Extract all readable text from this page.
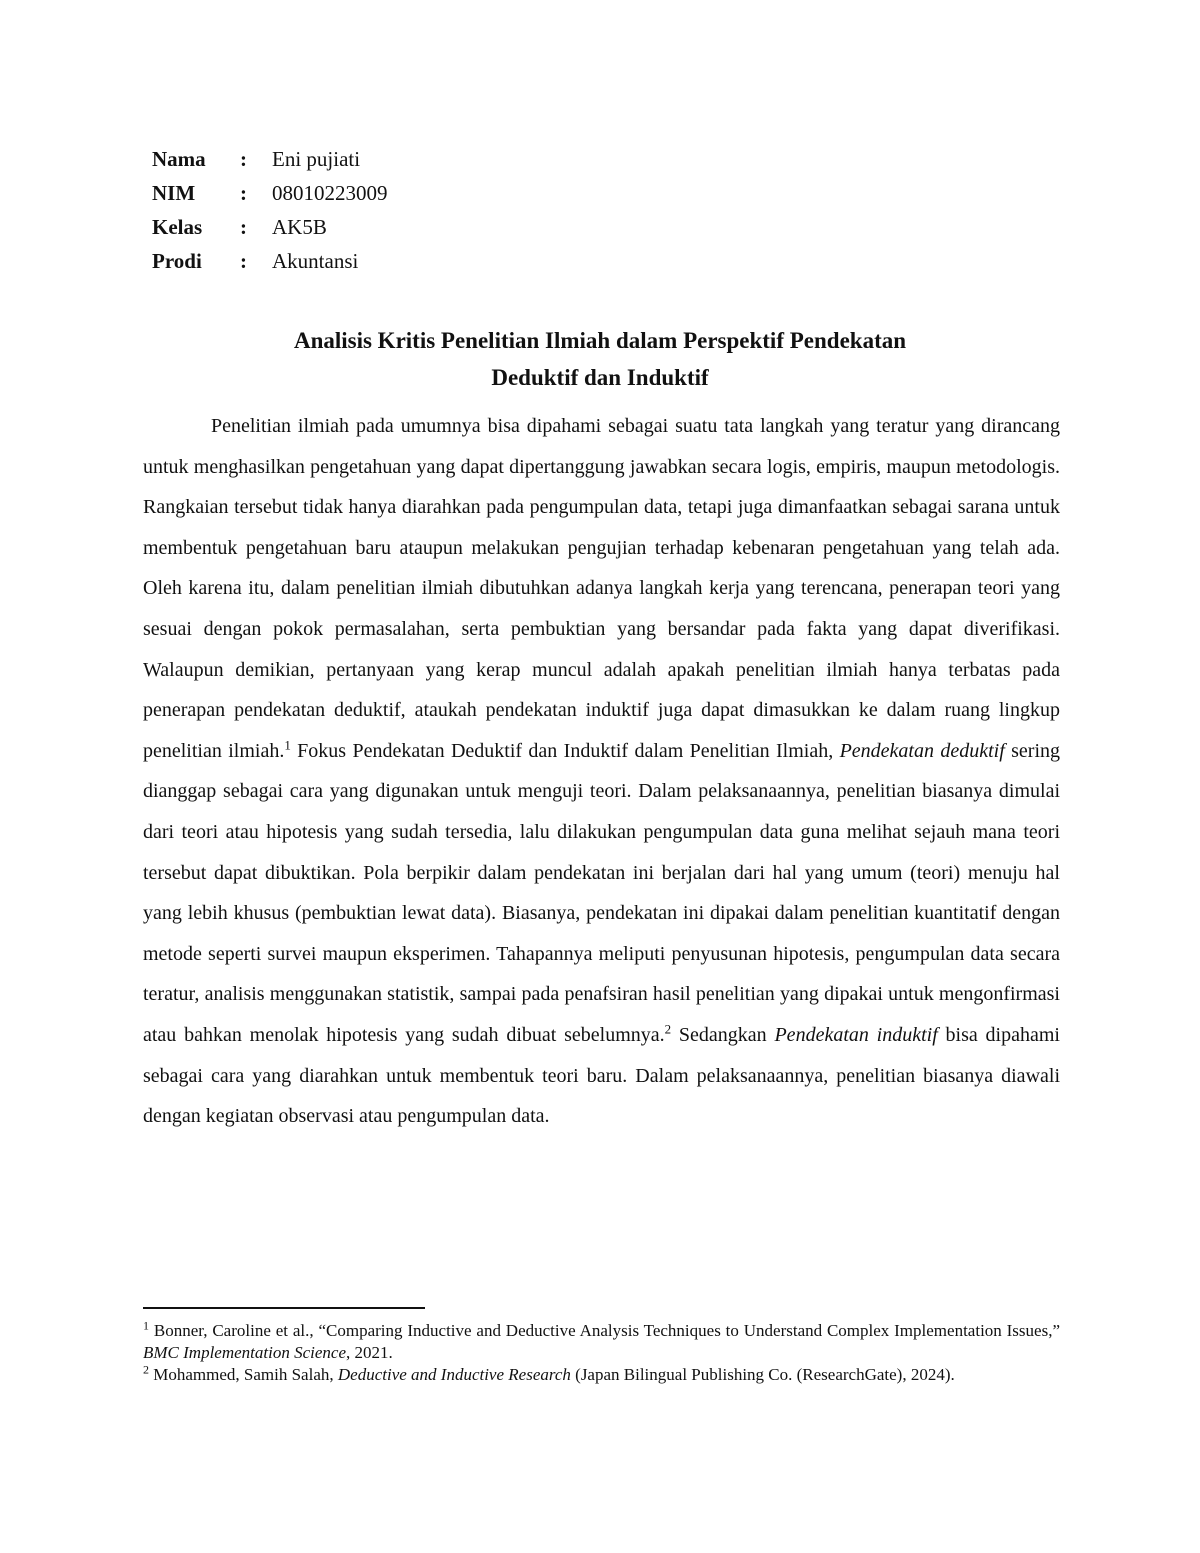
Nama : Eni pujiati
NIM : 08010223009
Kelas : AK5B
Prodi : Akuntansi
Analisis Kritis Penelitian Ilmiah dalam Perspektif Pendekatan
Deduktif dan Induktif

Penelitian ilmiah pada umumnya bisa dipahami sebagai suatu tata langkah yang teratur yang dirancang untuk menghasilkan pengetahuan yang dapat dipertanggung jawabkan secara logis, empiris, maupun metodologis. Rangkaian tersebut tidak hanya diarahkan pada pengumpulan data, tetapi juga dimanfaatkan sebagai sarana untuk membentuk pengetahuan baru ataupun melakukan pengujian terhadap kebenaran pengetahuan yang telah ada. Oleh karena itu, dalam penelitian ilmiah dibutuhkan adanya langkah kerja yang terencana, penerapan teori yang sesuai dengan pokok permasalahan, serta pembuktian yang bersandar pada fakta yang dapat diverifikasi. Walaupun demikian, pertanyaan yang kerap muncul adalah apakah penelitian ilmiah hanya terbatas pada penerapan pendekatan deduktif, ataukah pendekatan induktif juga dapat dimasukkan ke dalam ruang lingkup penelitian ilmiah.$^1$ Fokus Pendekatan Deduktif dan Induktif dalam Penelitian Ilmiah, Pendekatan deduktif sering dianggap sebagai cara yang digunakan untuk menguji teori. Dalam pelaksanaannya, penelitian biasanya dimulai dari teori atau hipotesis yang sudah tersedia, lalu dilakukan pengumpulan data guna melihat sejauh mana teori tersebut dapat dibuktikan. Pola berpikir dalam pendekatan ini berjalan dari hal yang umum (teori) menuju hal yang lebih khusus (pembuktian lewat data). Biasanya, pendekatan ini dipakai dalam penelitian kuantitatif dengan metode seperti survei maupun eksperimen. Tahapannya meliputi penyusunan hipotesis, pengumpulan data secara teratur, analisis menggunakan statistik, sampai pada penafsiran hasil penelitian yang dipakai untuk mengonfirmasi atau bahkan menolak hipotesis yang sudah dibuat sebelumnya.$^2$ Sedangkan Pendekatan induktif bisa dipahami sebagai cara yang diarahkan untuk membentuk teori baru. Dalam pelaksanaannya, penelitian biasanya diawali dengan kegiatan observasi atau pengumpulan data.

$^1$ Bonner, Caroline et al., “Comparing Inductive and Deductive Analysis Techniques to Understand Complex Implementation Issues,” BMC Implementation Science, 2021.

$^2$ Mohammed, Samih Salah, Deductive and Inductive Research (Japan Bilingual Publishing Co. (ResearchGate), 2024).
